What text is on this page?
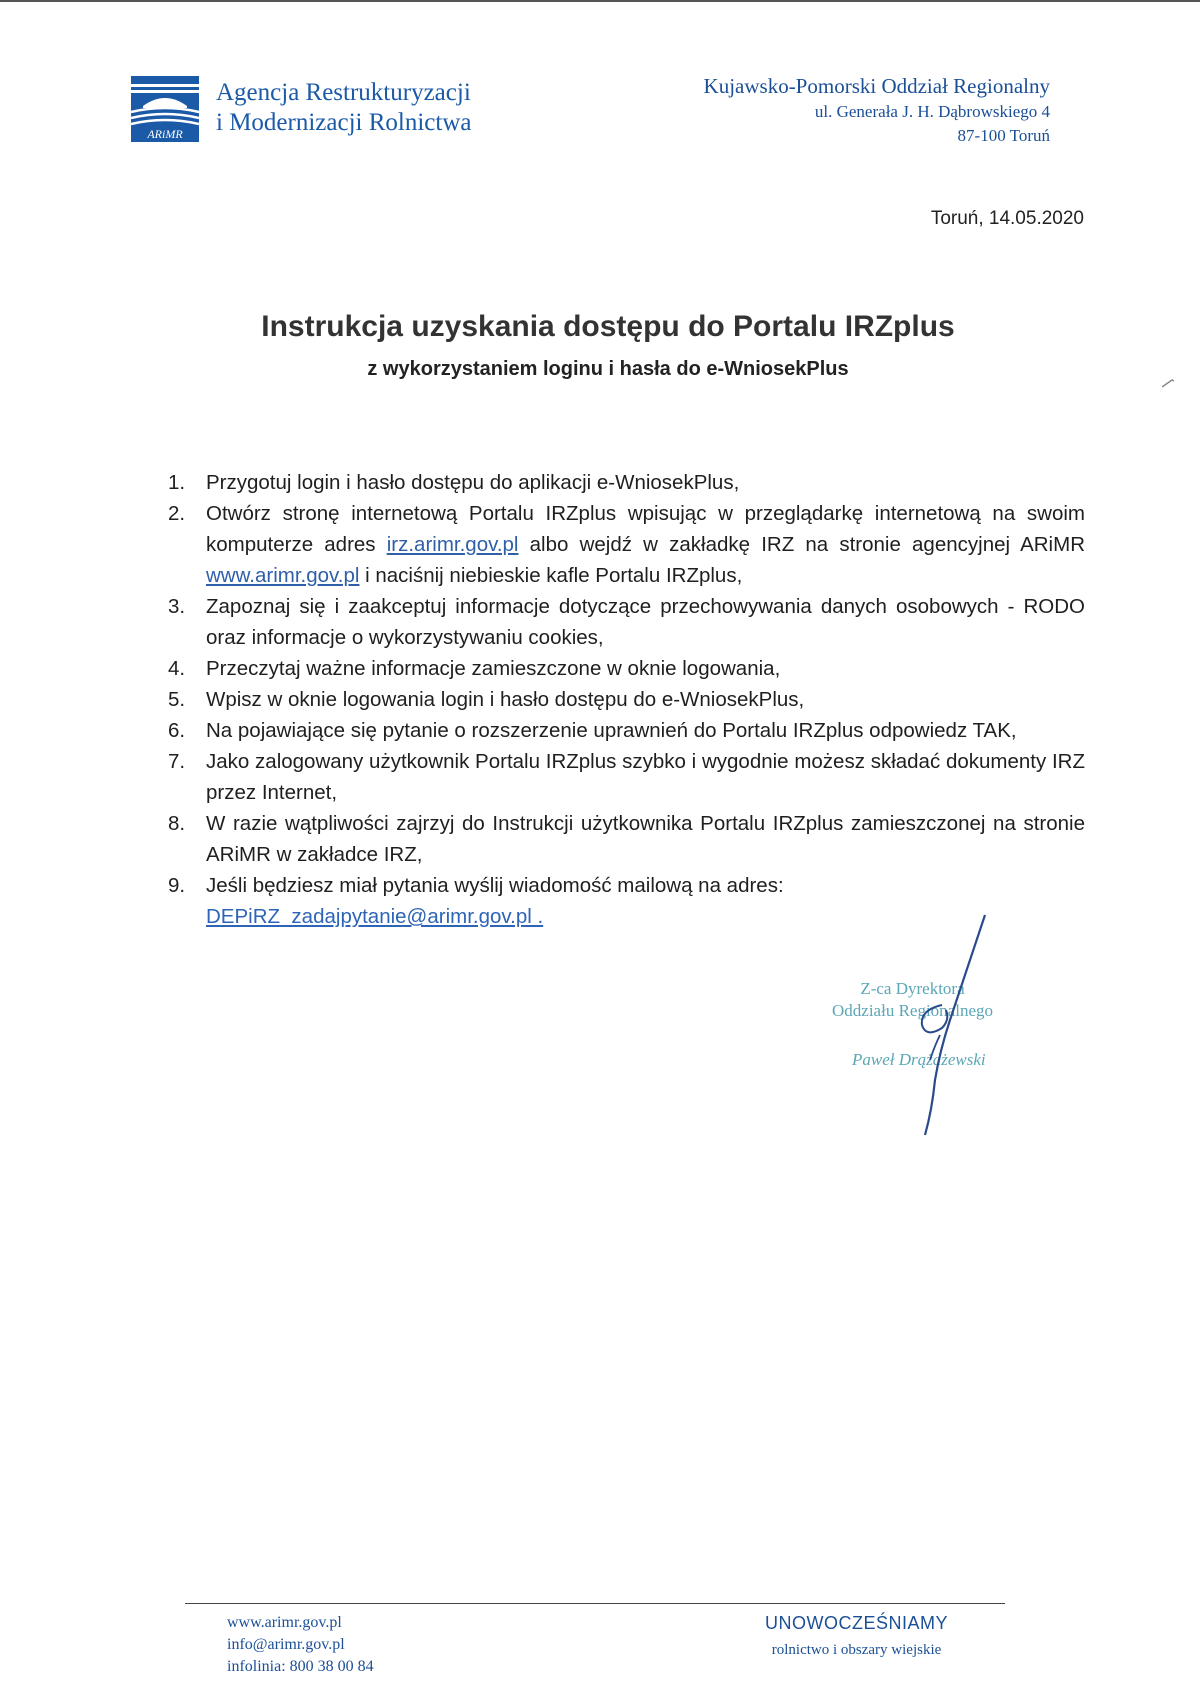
ARiMR
Agencja Restrukturyzacji
i Modernizacji Rolnictwa
Kujawsko-Pomorski Oddział Regionalny
ul. Generała J. H. Dąbrowskiego 4
87-100 Toruń
Toruń, 14.05.2020
Instrukcja uzyskania dostępu do Portalu IRZplus
z wykorzystaniem loginu i hasła do e-WniosekPlus
1. Przygotuj login i hasło dostępu do aplikacji e-WniosekPlus,
2. Otwórz stronę internetową Portalu IRZplus wpisując w przeglądarkę internetową na swoim komputerze adres irz.arimr.gov.pl albo wejdź w zakładkę IRZ na stronie agencyjnej ARiMR www.arimr.gov.pl i naciśnij niebieskie kafle Portalu IRZplus,
3. Zapoznaj się i zaakceptuj informacje dotyczące przechowywania danych osobowych - RODO oraz informacje o wykorzystywaniu cookies,
4. Przeczytaj ważne informacje zamieszczone w oknie logowania,
5. Wpisz w oknie logowania login i hasło dostępu do e-WniosekPlus,
6. Na pojawiające się pytanie o rozszerzenie uprawnień do Portalu IRZplus odpowiedz TAK,
7. Jako zalogowany użytkownik Portalu IRZplus szybko i wygodnie możesz składać dokumenty IRZ przez Internet,
8. W razie wątpliwości zajrzyj do Instrukcji użytkownika Portalu IRZplus zamieszczonej na stronie ARiMR w zakładce IRZ,
9. Jeśli będziesz miał pytania wyślij wiadomość mailową na adres:
DEPiRZ_zadajpytanie@arimr.gov.pl .
Z-ca Dyrektora
Oddziału Regionalnego
Paweł Drążdżewski
www.arimr.gov.pl
info@arimr.gov.pl
infolinia: 800 38 00 84
UNOWOCZEŚNIAMY
rolnictwo i obszary wiejskie
